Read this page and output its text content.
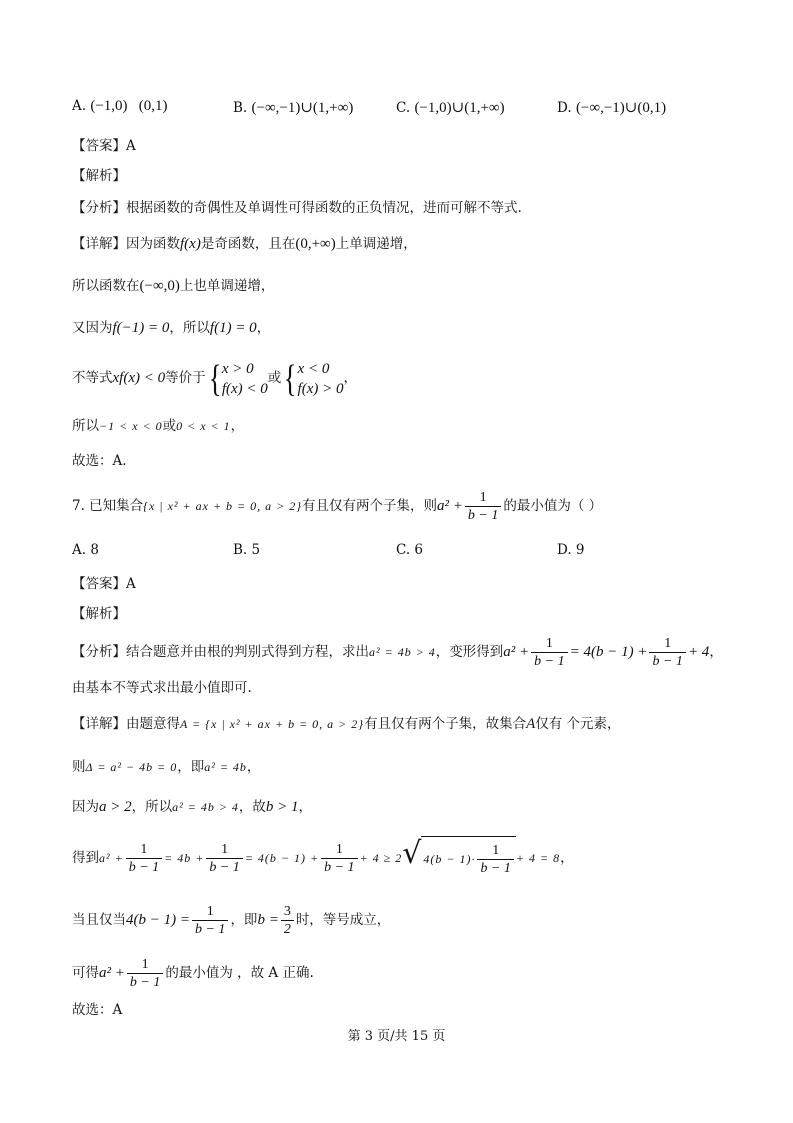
A. (−1,0)   (0,1)	B. (−∞,−1)∪(1,+∞)	C. (−1,0)∪(1,+∞)	D. (−∞,−1)∪(0,1)
【答案】A
【解析】
【分析】根据函数的奇偶性及单调性可得函数的正负情况，进而可解不等式.
【详解】因为函数f(x)是奇函数，且在(0,+∞)上单调递增，
所以函数在(−∞,0)上也单调递增，
又因为f(−1) = 0，所以f(1) = 0，
不等式xf(x) < 0等价于 { x > 0
f(x) < 0
或 { x < 0
f(x) > 0
，
所以−1 < x < 0或0 < x < 1，
故选：A.
7. 已知集合{x | x² + ax + b = 0, a > 2}有且仅有两个子集，则$a^2 + \frac{1}{b - 1}$ 的最小值为（ ）
A. 8	B. 5	C. 6	D. 9
【答案】A
【解析】
【分析】结合题意并由根的判别式得到方程，求出a² = 4b > 4，变形得到$a^2 + \frac{1}{b - 1} = 4(b - 1) + \frac{1}{b - 1} + 4$，
由基本不等式求出最小值即可.
【详解】由题意得A = {x | x² + ax + b = 0, a > 2}有且仅有两个子集，故集合A仅有 个元素，
则Δ = a² − 4b = 0，即a² = 4b，
因为a > 2，所以a² = 4b > 4，故b > 1，
得到$a^2 + \frac{1}{b - 1} = 4b + \frac{1}{b - 1} = 4(b - 1) + \frac{1}{b - 1} + 4 \ge 2$ √ $4(b - 1)\cdot \frac{1}{b - 1} + 4 = 8$，
当且仅当$4(b - 1) = \frac{1}{b - 1}$ ，即$b = \frac{3}{2}$ 时，等号成立，
可得$a^2 + \frac{1}{b - 1}$ 的最小值为 ，故 A 正确.
故选：A
第 3 页/共 15 页
